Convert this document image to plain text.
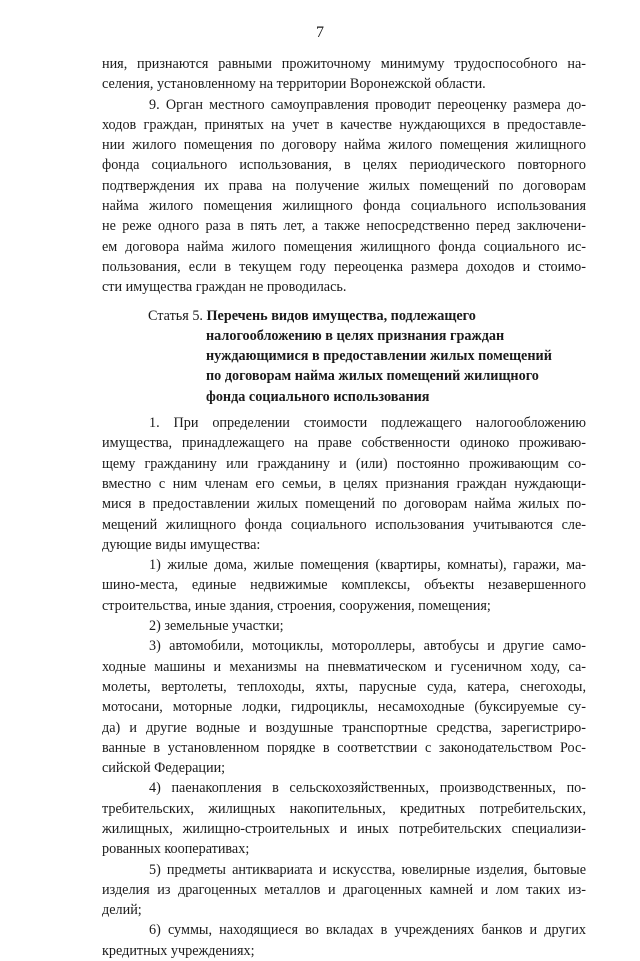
7
ния, признаются равными прожиточному минимуму трудоспособного на-
селения, установленному на территории Воронежской области.
9. Орган местного самоуправления проводит переоценку размера до-
ходов граждан, принятых на учет в качестве нуждающихся в предоставле-
нии жилого помещения по договору найма жилого помещения жилищного
фонда социального использования, в целях периодического повторного
подтверждения их права на получение жилых помещений по договорам
найма жилого помещения жилищного фонда социального использования
не реже одного раза в пять лет, а также непосредственно перед заключени-
ем договора найма жилого помещения жилищного фонда социального ис-
пользования, если в текущем году переоценка размера доходов и стоимо-
сти имущества граждан не проводилась.
Статья 5. Перечень видов имущества, подлежащего
налогообложению в целях признания граждан
нуждающимися в предоставлении жилых помещений
по договорам найма жилых помещений жилищного
фонда социального использования
1. При определении стоимости подлежащего налогообложению
имущества, принадлежащего на праве собственности одиноко проживаю-
щему гражданину или гражданину и (или) постоянно проживающим со-
вместно с ним членам его семьи, в целях признания граждан нуждающи-
мися в предоставлении жилых помещений по договорам найма жилых по-
мещений жилищного фонда социального использования учитываются сле-
дующие виды имущества:
1) жилые дома, жилые помещения (квартиры, комнаты), гаражи, ма-
шино-места, единые недвижимые комплексы, объекты незавершенного
строительства, иные здания, строения, сооружения, помещения;
2) земельные участки;
3) автомобили, мотоциклы, мотороллеры, автобусы и другие само-
ходные машины и механизмы на пневматическом и гусеничном ходу, са-
молеты, вертолеты, теплоходы, яхты, парусные суда, катера, снегоходы,
мотосани, моторные лодки, гидроциклы, несамоходные (буксируемые су-
да) и другие водные и воздушные транспортные средства, зарегистриро-
ванные в установленном порядке в соответствии с законодательством Рос-
сийской Федерации;
4) паенакопления в сельскохозяйственных, производственных, по-
требительских, жилищных накопительных, кредитных потребительских,
жилищных, жилищно-строительных и иных потребительских специализи-
рованных кооперативах;
5) предметы антиквариата и искусства, ювелирные изделия, бытовые
изделия из драгоценных металлов и драгоценных камней и лом таких из-
делий;
6) суммы, находящиеся во вкладах в учреждениях банков и других
кредитных учреждениях;
